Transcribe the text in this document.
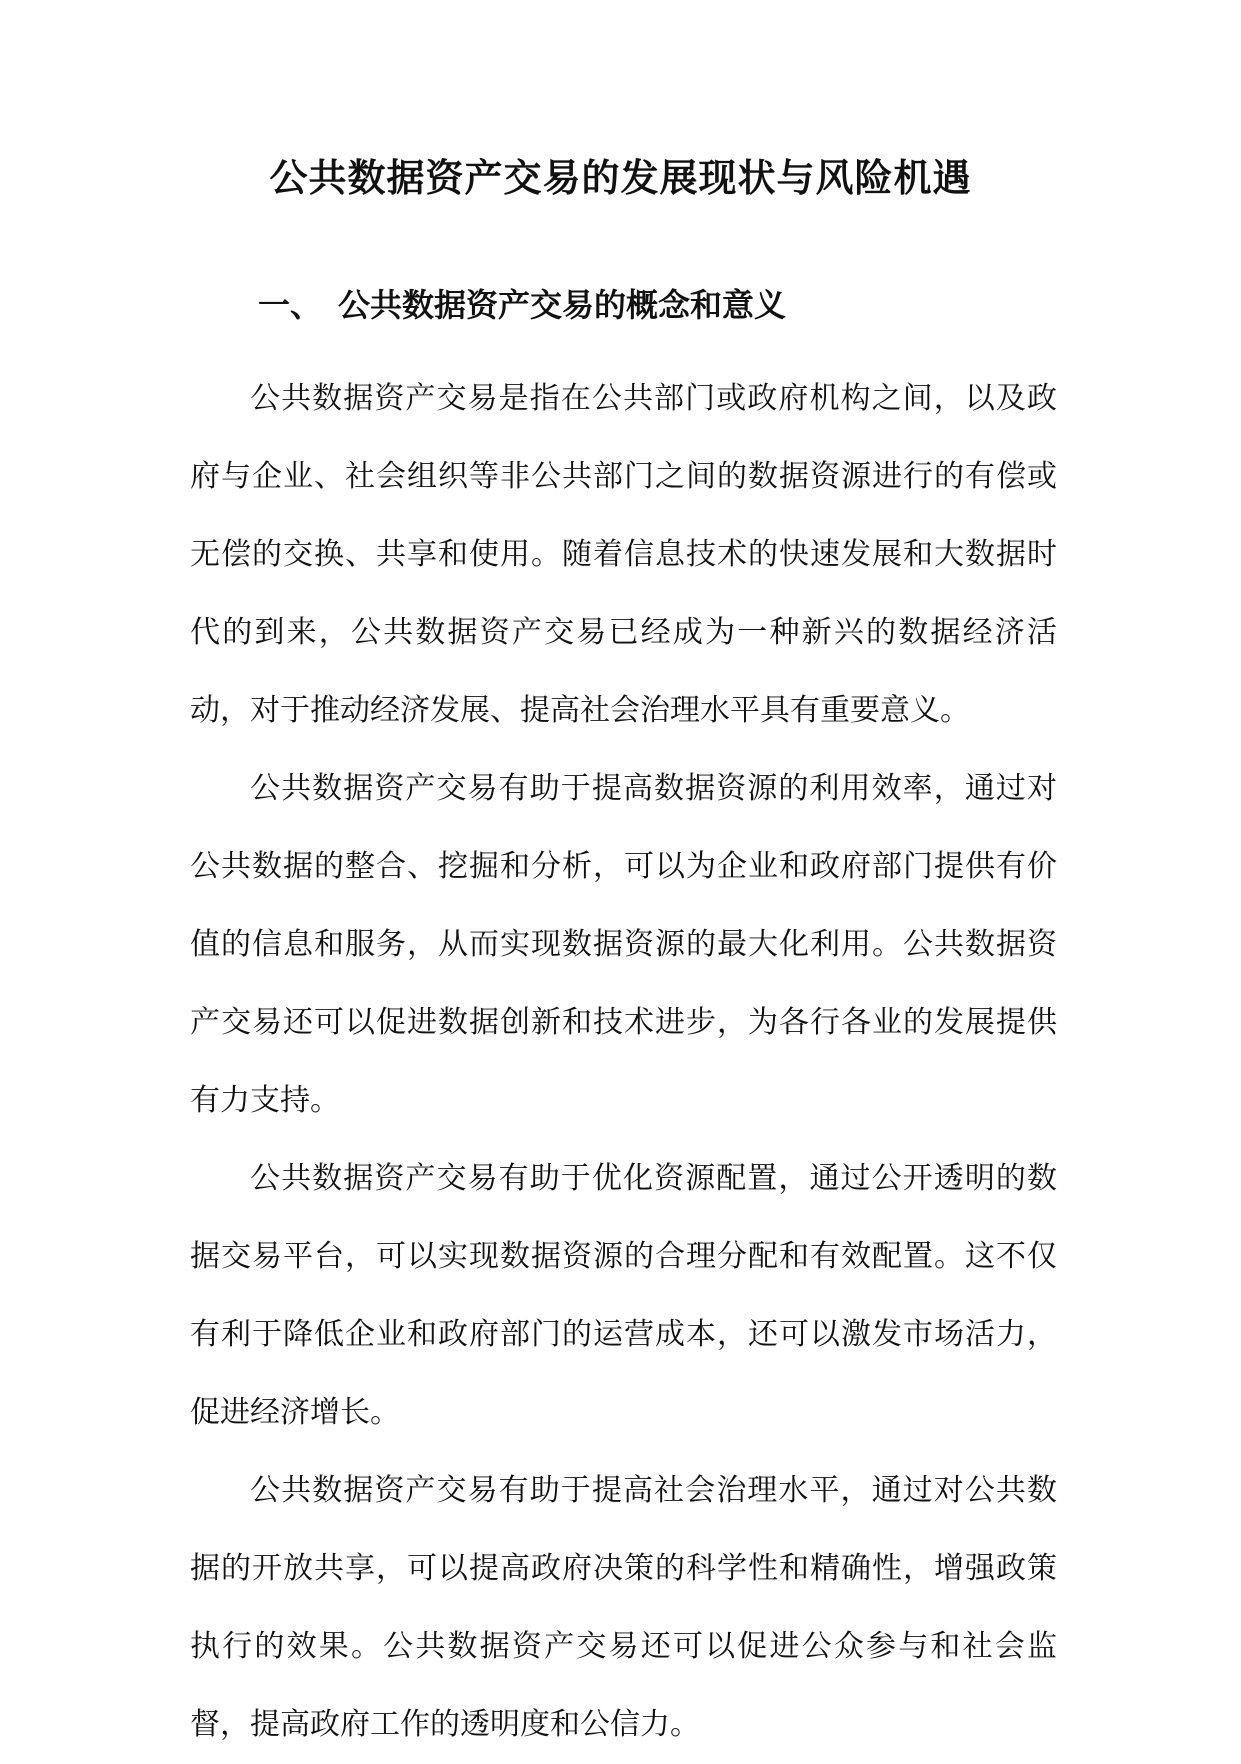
公共数据资产交易的发展现状与风险机遇
一、 公共数据资产交易的概念和意义

公共数据资产交易是指在公共部门或政府机构之间，以及政府与企业、社会组织等非公共部门之间的数据资源进行的有偿或无偿的交换、共享和使用。随着信息技术的快速发展和大数据时代的到来，公共数据资产交易已经成为一种新兴的数据经济活动，对于推动经济发展、提高社会治理水平具有重要意义。

公共数据资产交易有助于提高数据资源的利用效率，通过对公共数据的整合、挖掘和分析，可以为企业和政府部门提供有价值的信息和服务，从而实现数据资源的最大化利用。公共数据资产交易还可以促进数据创新和技术进步，为各行各业的发展提供有力支持。

公共数据资产交易有助于优化资源配置，通过公开透明的数据交易平台，可以实现数据资源的合理分配和有效配置。这不仅有利于降低企业和政府部门的运营成本，还可以激发市场活力，促进经济增长。

公共数据资产交易有助于提高社会治理水平，通过对公共数据的开放共享，可以提高政府决策的科学性和精确性，增强政策执行的效果。公共数据资产交易还可以促进公众参与和社会监督，提高政府工作的透明度和公信力。
